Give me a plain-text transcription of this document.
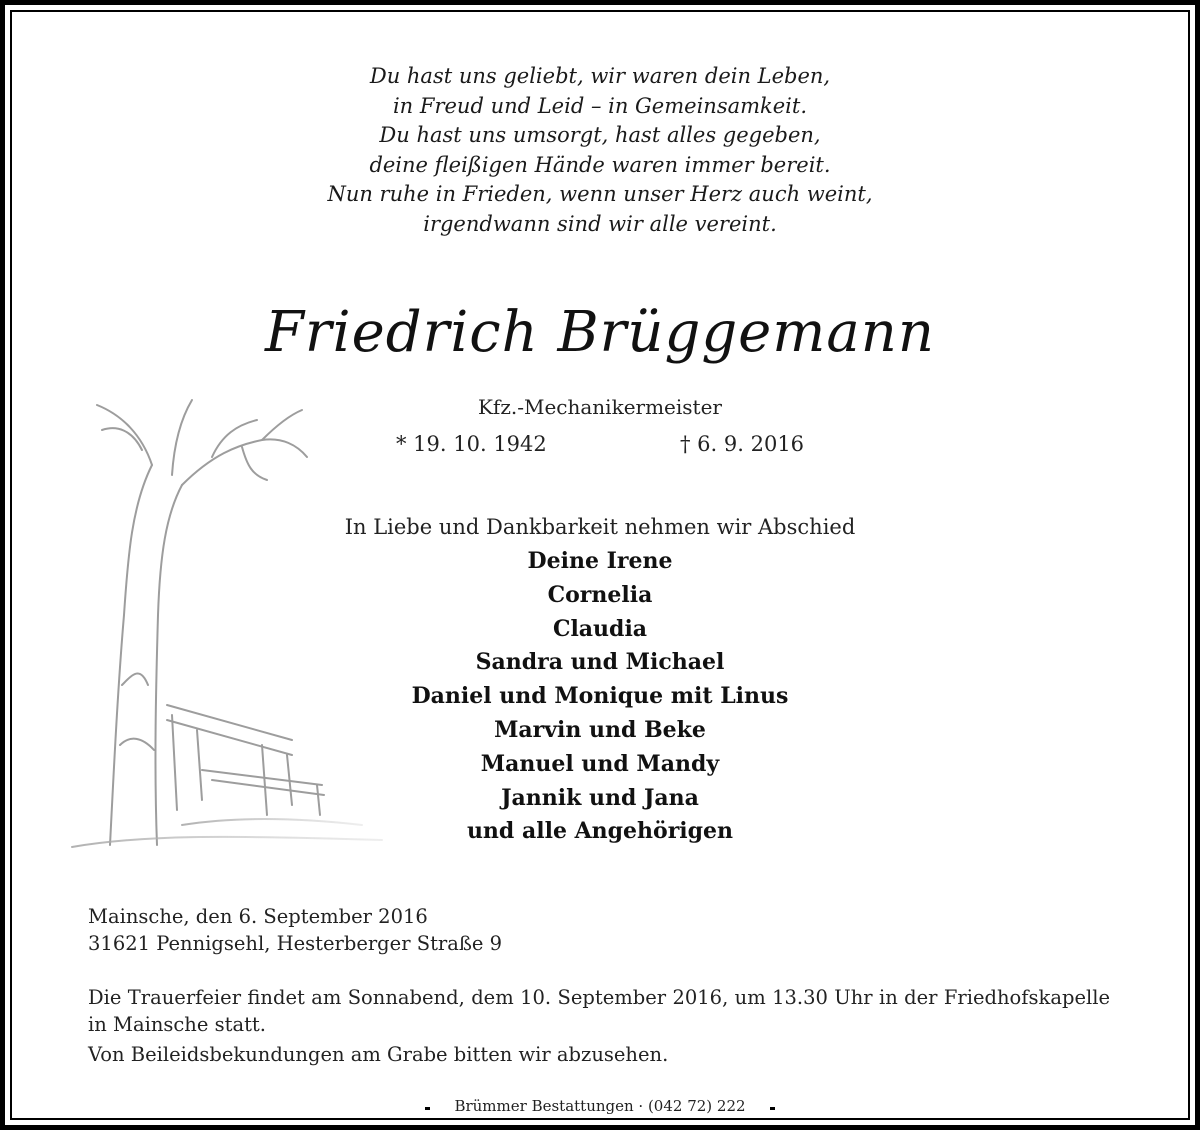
Du hast uns geliebt, wir waren dein Leben,
in Freud und Leid – in Gemeinsamkeit.
Du hast uns umsorgt, hast alles gegeben,
deine fleißigen Hände waren immer bereit.
Nun ruhe in Frieden, wenn unser Herz auch weint,
irgendwann sind wir alle vereint.
Friedrich Brüggemann
Kfz.-Mechanikermeister
* 19. 10. 1942	† 6. 9. 2016
In Liebe und Dankbarkeit nehmen wir Abschied
Deine Irene
Cornelia
Claudia
Sandra und Michael
Daniel und Monique mit Linus
Marvin und Beke
Manuel und Mandy
Jannik und Jana
und alle Angehörigen
Mainsche, den 6. September 2016
31621 Pennigsehl, Hesterberger Straße 9
Die Trauerfeier findet am Sonnabend, dem 10. September 2016, um 13.30 Uhr in der Friedhofskapelle in Mainsche statt.
Von Beileidsbekundungen am Grabe bitten wir abzusehen.
Brümmer Bestattungen · (042 72) 222
